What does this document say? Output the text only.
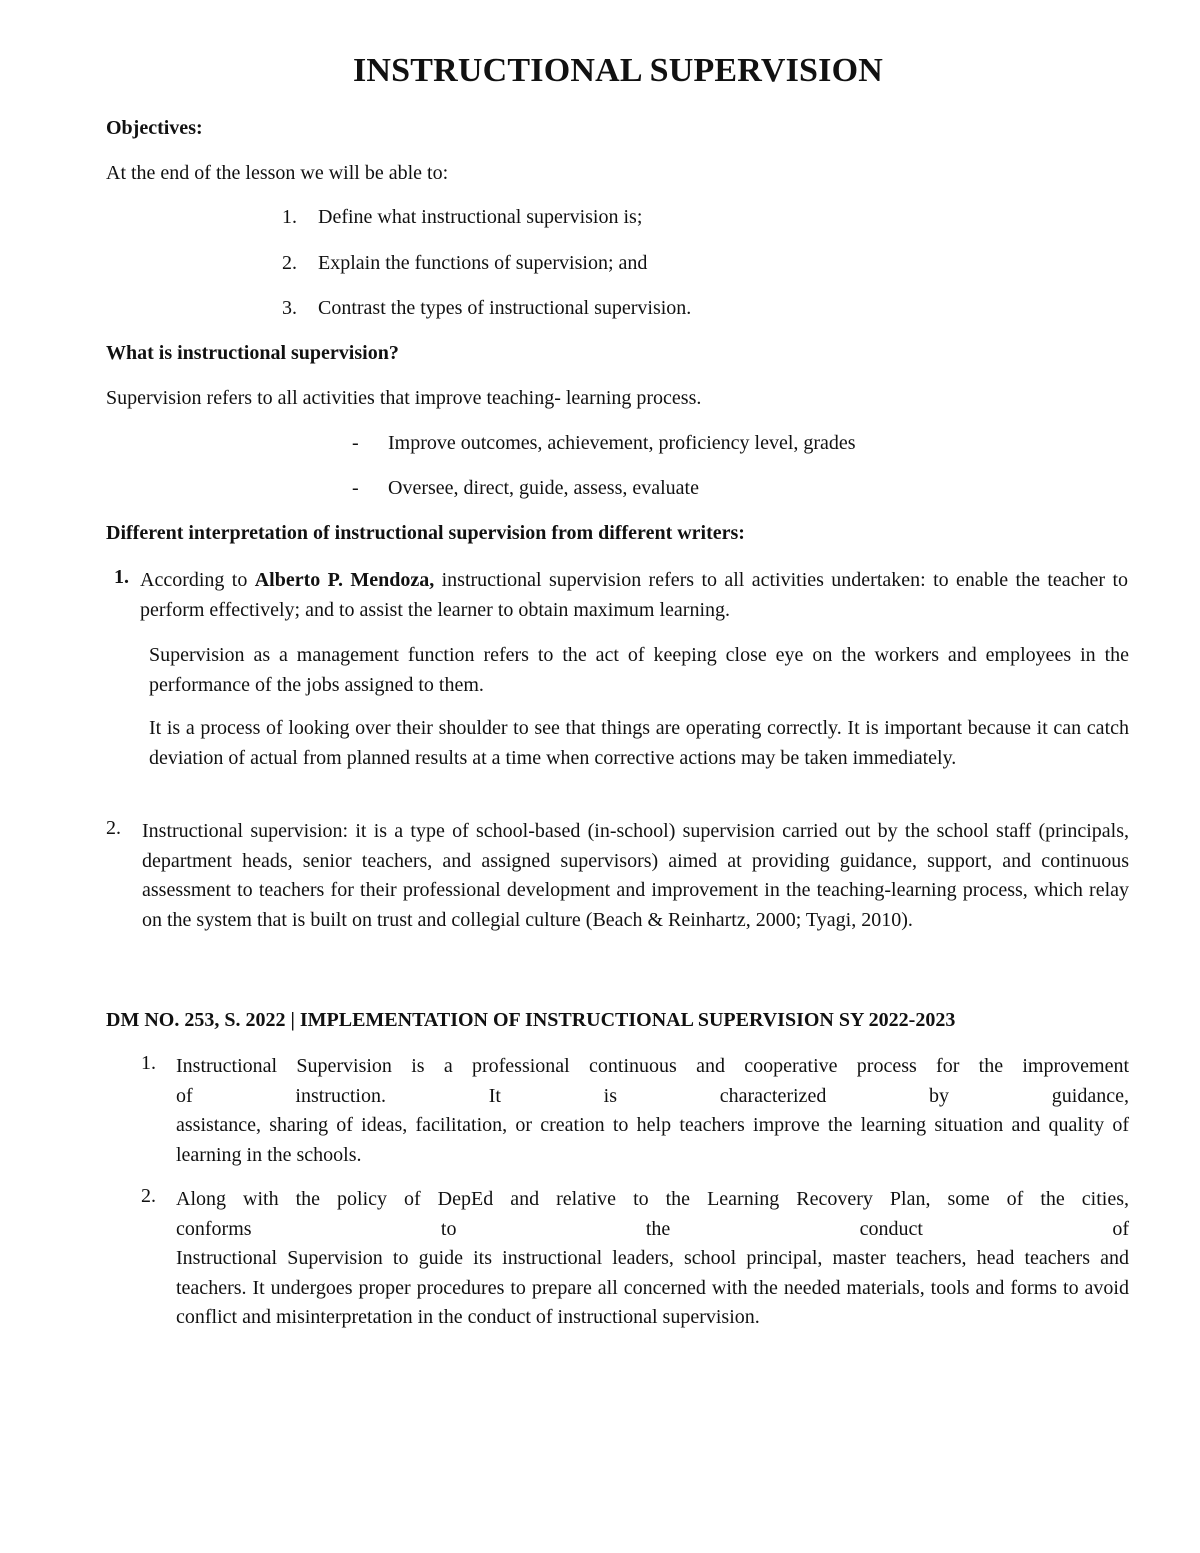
INSTRUCTIONAL SUPERVISION
Objectives:
At the end of the lesson we will be able to:
1. Define what instructional supervision is;
2. Explain the functions of supervision; and
3. Contrast the types of instructional supervision.
What is instructional supervision?
Supervision refers to all activities that improve teaching- learning process.
- Improve outcomes, achievement, proficiency level, grades
- Oversee, direct, guide, assess, evaluate
Different interpretation of instructional supervision from different writers:
1. According to Alberto P. Mendoza, instructional supervision refers to all activities undertaken: to enable the teacher to perform effectively; and to assist the learner to obtain maximum learning.

Supervision as a management function refers to the act of keeping close eye on the workers and employees in the performance of the jobs assigned to them.

It is a process of looking over their shoulder to see that things are operating correctly. It is important because it can catch deviation of actual from planned results at a time when corrective actions may be taken immediately.

2. Instructional supervision: it is a type of school-based (in-school) supervision carried out by the school staff (principals, department heads, senior teachers, and assigned supervisors) aimed at providing guidance, support, and continuous assessment to teachers for their professional development and improvement in the teaching-learning process, which relay on the system that is built on trust and collegial culture (Beach & Reinhartz, 2000; Tyagi, 2010).

DM NO. 253, S. 2022 | IMPLEMENTATION OF INSTRUCTIONAL SUPERVISION SY 2022-2023
1. Instructional Supervision is a professional continuous and cooperative process for the improvement
of instruction. It is characterized by guidance,
assistance, sharing of ideas, facilitation, or creation to help teachers improve the learning situation and quality of learning in the schools.
2. Along with the policy of DepEd and relative to the Learning Recovery Plan, some of the cities,
conforms to the conduct of
Instructional Supervision to guide its instructional leaders, school principal, master teachers, head teachers and teachers. It undergoes proper procedures to prepare all concerned with the needed materials, tools and forms to avoid conflict and misinterpretation in the conduct of instructional supervision.
